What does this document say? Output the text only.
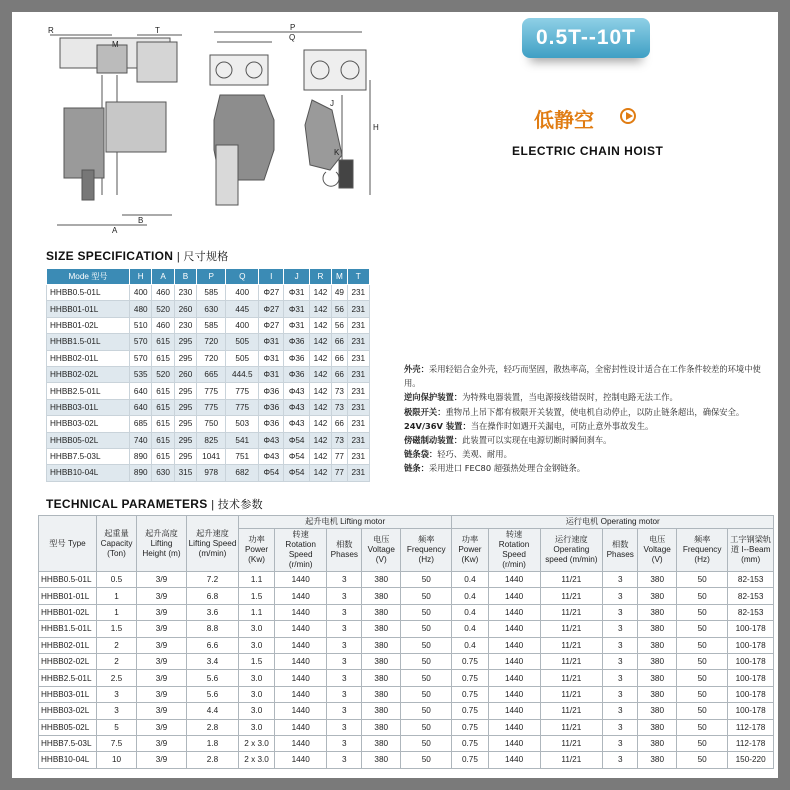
R
M
T
A
B
P
Q
H
K
J
0.5T--10T
低静空
ELECTRIC CHAIN HOIST
SIZE SPECIFICATION | 尺寸规格
Mode 型号	H	A	B	P	Q	I	J	R	M	T
HHBB0.5-01L	400	460	230	585	400	Φ27	Φ31	142	49	231
HHBB01-01L	480	520	260	630	445	Φ27	Φ31	142	56	231
HHBB01-02L	510	460	230	585	400	Φ27	Φ31	142	56	231
HHBB1.5-01L	570	615	295	720	505	Φ31	Φ36	142	66	231
HHBB02-01L	570	615	295	720	505	Φ31	Φ36	142	66	231
HHBB02-02L	535	520	260	665	444.5	Φ31	Φ36	142	66	231
HHBB2.5-01L	640	615	295	775	775	Φ36	Φ43	142	73	231
HHBB03-01L	640	615	295	775	775	Φ36	Φ43	142	73	231
HHBB03-02L	685	615	295	750	503	Φ36	Φ43	142	66	231
HHBB05-02L	740	615	295	825	541	Φ43	Φ54	142	73	231
HHBB7.5-03L	890	615	295	1041	751	Φ43	Φ54	142	77	231
HHBB10-04L	890	630	315	978	682	Φ54	Φ54	142	77	231
外壳：采用轻铝合金外壳，轻巧而坚固，散热率高，全密封性设计适合在工作条件较差的环境中使用。
逆向保护装置：为特殊电器装置，当电源接线错误时，控制电路无法工作。
极限开关：重物吊上吊下都有极限开关装置，使电机自动停止，以防止链条超出，确保安全。
24V/36V 装置：当在操作时如遇开关漏电，可防止意外事故发生。
傍磁制动装置：此装置可以实现在电源切断时瞬间刹车。
链条袋：轻巧、美观、耐用。
链条：采用进口 FEC80 超强热处理合金钢链条。
TECHNICAL PARAMETERS | 技术参数
型号 Type	起重量 Capacity (Ton)	起升高度 Lifting Height (m)	起升速度 Lifting Speed (m/min)	起升电机 Lifting motor					运行电机 Operating motor						
				功率 Power (Kw)	转速 Rotation Speed (r/min)	相数 Phases	电压 Voltage (V)	频率 Frequency (Hz)	功率 Power (Kw)	转速 Rotation Speed (r/min)	运行速度 Operating speed (m/min)	相数 Phases	电压 Voltage (V)	频率 Frequency (Hz)	工字钢梁轨道 I--Beam (mm)
HHBB0.5-01L	0.5	3/9	7.2	1.1	1440	3	380	50	0.4	1440	11/21	3	380	50	82-153
HHBB01-01L	1	3/9	6.8	1.5	1440	3	380	50	0.4	1440	11/21	3	380	50	82-153
HHBB01-02L	1	3/9	3.6	1.1	1440	3	380	50	0.4	1440	11/21	3	380	50	82-153
HHBB1.5-01L	1.5	3/9	8.8	3.0	1440	3	380	50	0.4	1440	11/21	3	380	50	100-178
HHBB02-01L	2	3/9	6.6	3.0	1440	3	380	50	0.4	1440	11/21	3	380	50	100-178
HHBB02-02L	2	3/9	3.4	1.5	1440	3	380	50	0.75	1440	11/21	3	380	50	100-178
HHBB2.5-01L	2.5	3/9	5.6	3.0	1440	3	380	50	0.75	1440	11/21	3	380	50	100-178
HHBB03-01L	3	3/9	5.6	3.0	1440	3	380	50	0.75	1440	11/21	3	380	50	100-178
HHBB03-02L	3	3/9	4.4	3.0	1440	3	380	50	0.75	1440	11/21	3	380	50	100-178
HHBB05-02L	5	3/9	2.8	3.0	1440	3	380	50	0.75	1440	11/21	3	380	50	112-178
HHBB7.5-03L	7.5	3/9	1.8	2 x 3.0	1440	3	380	50	0.75	1440	11/21	3	380	50	112-178
HHBB10-04L	10	3/9	2.8	2 x 3.0	1440	3	380	50	0.75	1440	11/21	3	380	50	150-220
